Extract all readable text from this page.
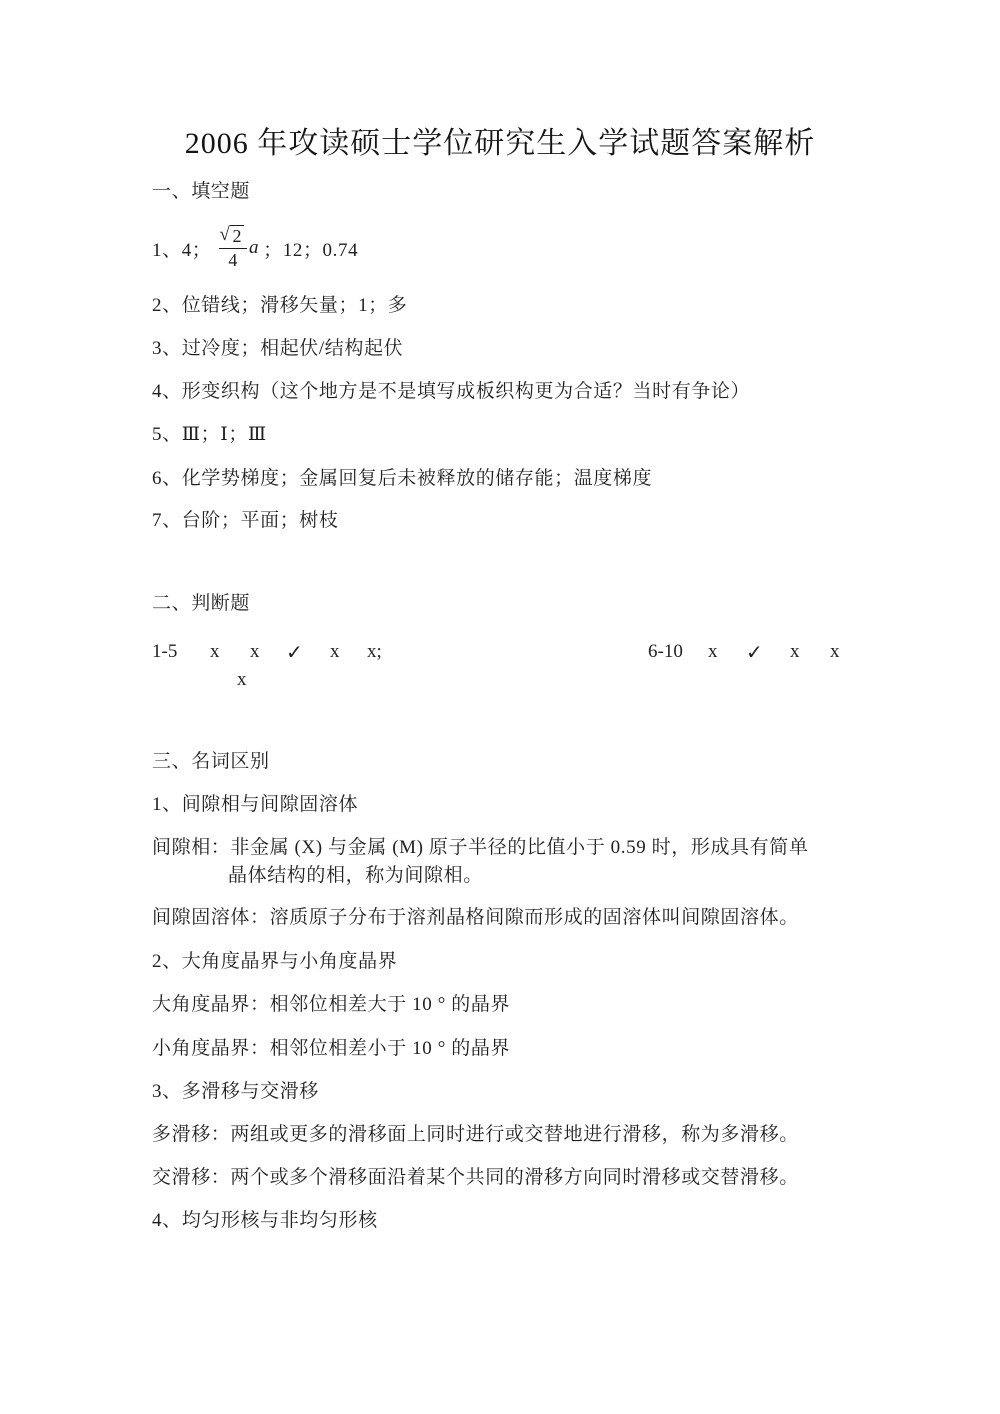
2006 年攻读硕士学位研究生入学试题答案解析
一、填空题
1、4； $\frac{√ 2}{4}$ a ；12；0.74
2、位错线；滑移矢量；1；多
3、过冷度；相起伏/结构起伏
4、形变织构（这个地方是不是填写成板织构更为合适？当时有争论）
5、Ⅲ；Ⅰ；Ⅲ
6、化学势梯度；金属回复后未被释放的储存能；温度梯度
7、台阶；平面；树枝
二、判断题
1-5 x x ✓ x x;
x
6-10 x ✓ x x
三、名词区别
1、间隙相与间隙固溶体
间隙相：非金属 (X) 与金属 (M) 原子半径的比值小于 0.59 时，形成具有简单
晶体结构的相，称为间隙相。
间隙固溶体：溶质原子分布于溶剂晶格间隙而形成的固溶体叫间隙固溶体。
2、大角度晶界与小角度晶界
大角度晶界：相邻位相差大于 10 ° 的晶界
小角度晶界：相邻位相差小于 10 ° 的晶界
3、多滑移与交滑移
多滑移：两组或更多的滑移面上同时进行或交替地进行滑移，称为多滑移。
交滑移：两个或多个滑移面沿着某个共同的滑移方向同时滑移或交替滑移。
4、均匀形核与非均匀形核
